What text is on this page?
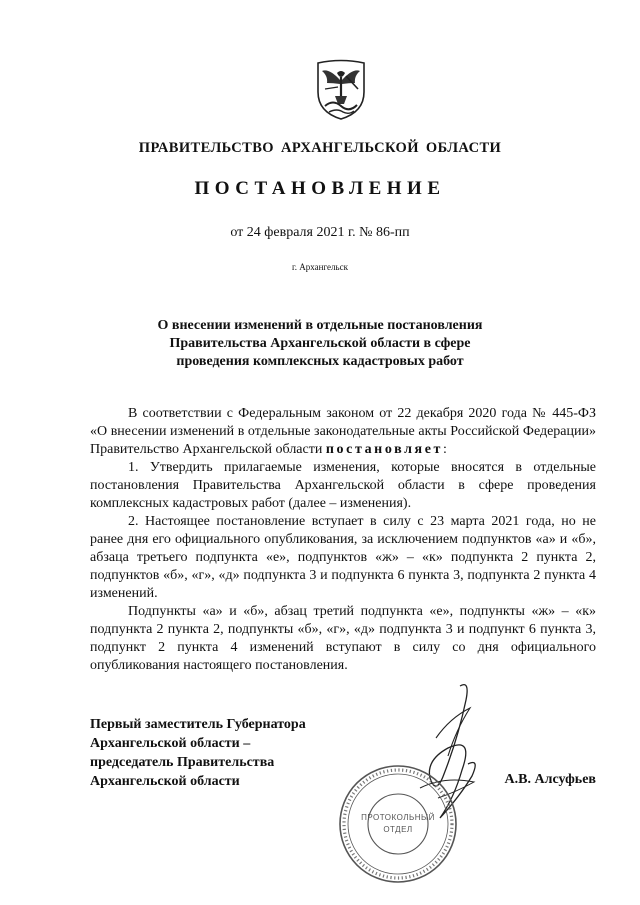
ПРАВИТЕЛЬСТВО АРХАНГЕЛЬСКОЙ ОБЛАСТИ
ПОСТАНОВЛЕНИЕ
от 24 февраля 2021 г. № 86-пп
г. Архангельск
О внесении изменений в отдельные постановления
Правительства Архангельской области в сфере
проведения комплексных кадастровых работ

В соответствии с Федеральным законом от 22 декабря 2020 года № 445-ФЗ «О внесении изменений в отдельные законодательные акты Российской Федерации» Правительство Архангельской области постановляет:

1. Утвердить прилагаемые изменения, которые вносятся в отдельные постановления Правительства Архангельской области в сфере проведения комплексных кадастровых работ (далее – изменения).

2. Настоящее постановление вступает в силу с 23 марта 2021 года, но не ранее дня его официального опубликования, за исключением подпунктов «а» и «б», абзаца третьего подпункта «е», подпунктов «ж» – «к» подпункта 2 пункта 2, подпунктов «б», «г», «д» подпункта 3 и подпункта 6 пункта 3, подпункта 2 пункта 4 изменений.

Подпункты «а» и «б», абзац третий подпункта «е», подпункты «ж» – «к» подпункта 2 пункта 2, подпункты «б», «г», «д» подпункта 3 и подпункт 6 пункта 3, подпункт 2 пункта 4 изменений вступают в силу со дня официального опубликования настоящего постановления.

Первый заместитель Губернатора
Архангельской области –
председатель Правительства
Архангельской области
ПРОТОКОЛЬНЫЙ
ОТДЕЛ
А.В. Алсуфьев
